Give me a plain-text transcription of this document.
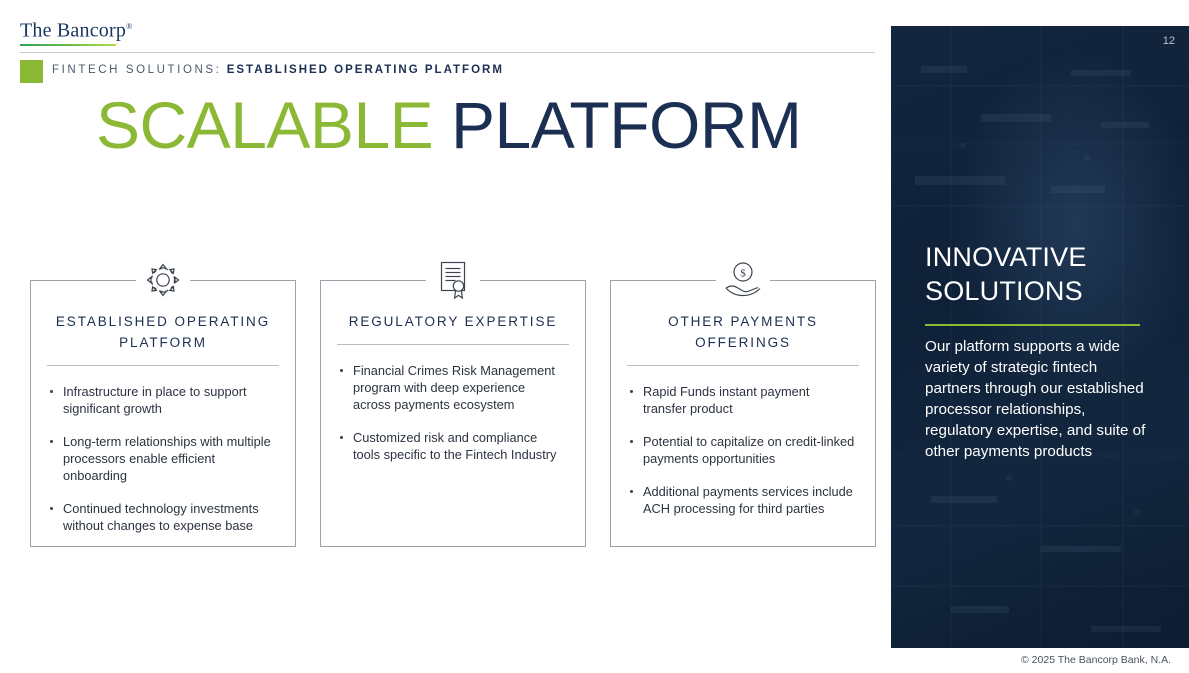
The Bancorp®
FINTECH SOLUTIONS: ESTABLISHED OPERATING PLATFORM
SCALABLE PLATFORM
ESTABLISHED OPERATING PLATFORM
Infrastructure in place to support significant growth
Long-term relationships with multiple processors enable efficient onboarding
Continued technology investments without changes to expense base
REGULATORY EXPERTISE
Financial Crimes Risk Management program with deep experience across payments ecosystem
Customized risk and compliance tools specific to the Fintech Industry
$
OTHER PAYMENTS OFFERINGS
Rapid Funds instant payment transfer product
Potential to capitalize on credit-linked payments opportunities
Additional payments services include ACH processing for third parties
12
INNOVATIVE SOLUTIONS
Our platform supports a wide variety of strategic fintech partners through our established processor relationships, regulatory expertise, and suite of other payments products
© 2025 The Bancorp Bank, N.A.
